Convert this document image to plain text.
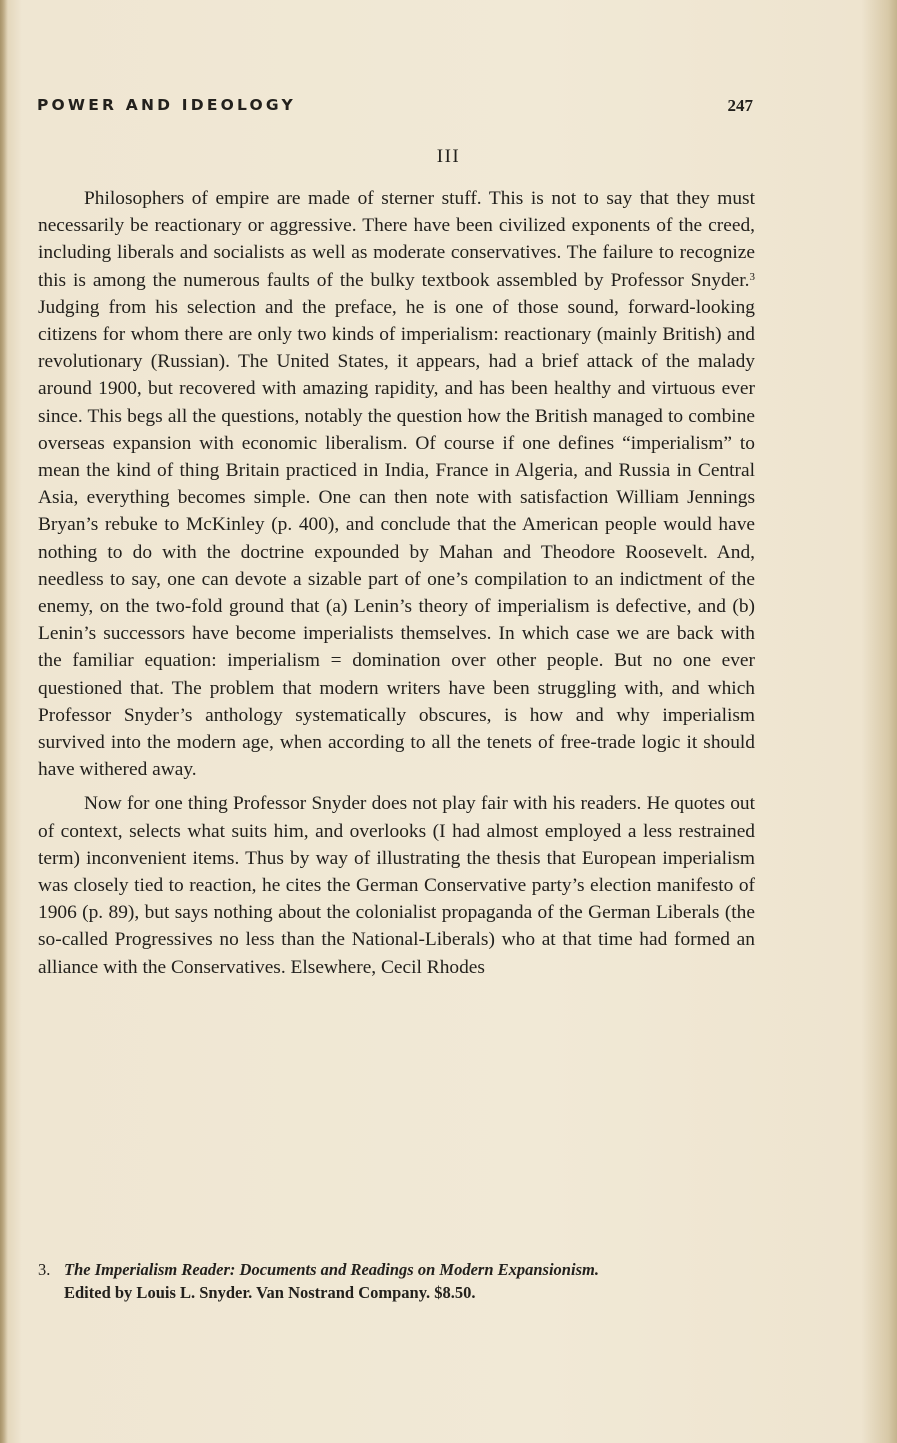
POWER AND IDEOLOGY	247
III

Philosophers of empire are made of sterner stuff. This is not to say that they must necessarily be reactionary or aggressive. There have been civilized exponents of the creed, including liberals and socialists as well as moderate conservatives. The failure to recognize this is among the numerous faults of the bulky textbook assembled by Professor Snyder.$^3$ Judging from his selection and the preface, he is one of those sound, forward-looking citizens for whom there are only two kinds of imperialism: reactionary (mainly British) and revolutionary (Russian). The United States, it appears, had a brief attack of the malady around 1900, but recovered with amazing rapidity, and has been healthy and virtuous ever since. This begs all the questions, notably the question how the British managed to combine overseas expansion with economic liberalism. Of course if one defines “imperialism” to mean the kind of thing Britain practiced in India, France in Algeria, and Russia in Central Asia, everything becomes simple. One can then note with satisfaction William Jennings Bryan’s rebuke to McKinley (p. 400), and conclude that the American people would have nothing to do with the doctrine expounded by Mahan and Theodore Roosevelt. And, needless to say, one can devote a sizable part of one’s compilation to an indictment of the enemy, on the two-fold ground that (a) Lenin’s theory of imperialism is defective, and (b) Lenin’s successors have become imperialists themselves. In which case we are back with the familiar equation: imperialism = domination over other people. But no one ever questioned that. The problem that modern writers have been struggling with, and which Professor Snyder’s anthology systematically obscures, is how and why imperialism survived into the modern age, when according to all the tenets of free-trade logic it should have withered away.

Now for one thing Professor Snyder does not play fair with his readers. He quotes out of context, selects what suits him, and overlooks (I had almost employed a less restrained term) inconvenient items. Thus by way of illustrating the thesis that European imperialism was closely tied to reaction, he cites the German Conservative party’s election manifesto of 1906 (p. 89), but says nothing about the colonialist propaganda of the German Liberals (the so-called Progressives no less than the National-Liberals) who at that time had formed an alliance with the Conservatives. Elsewhere, Cecil Rhodes

3. The Imperialism Reader: Documents and Readings on Modern Expansionism.
Edited by Louis L. Snyder. Van Nostrand Company. $8.50.
